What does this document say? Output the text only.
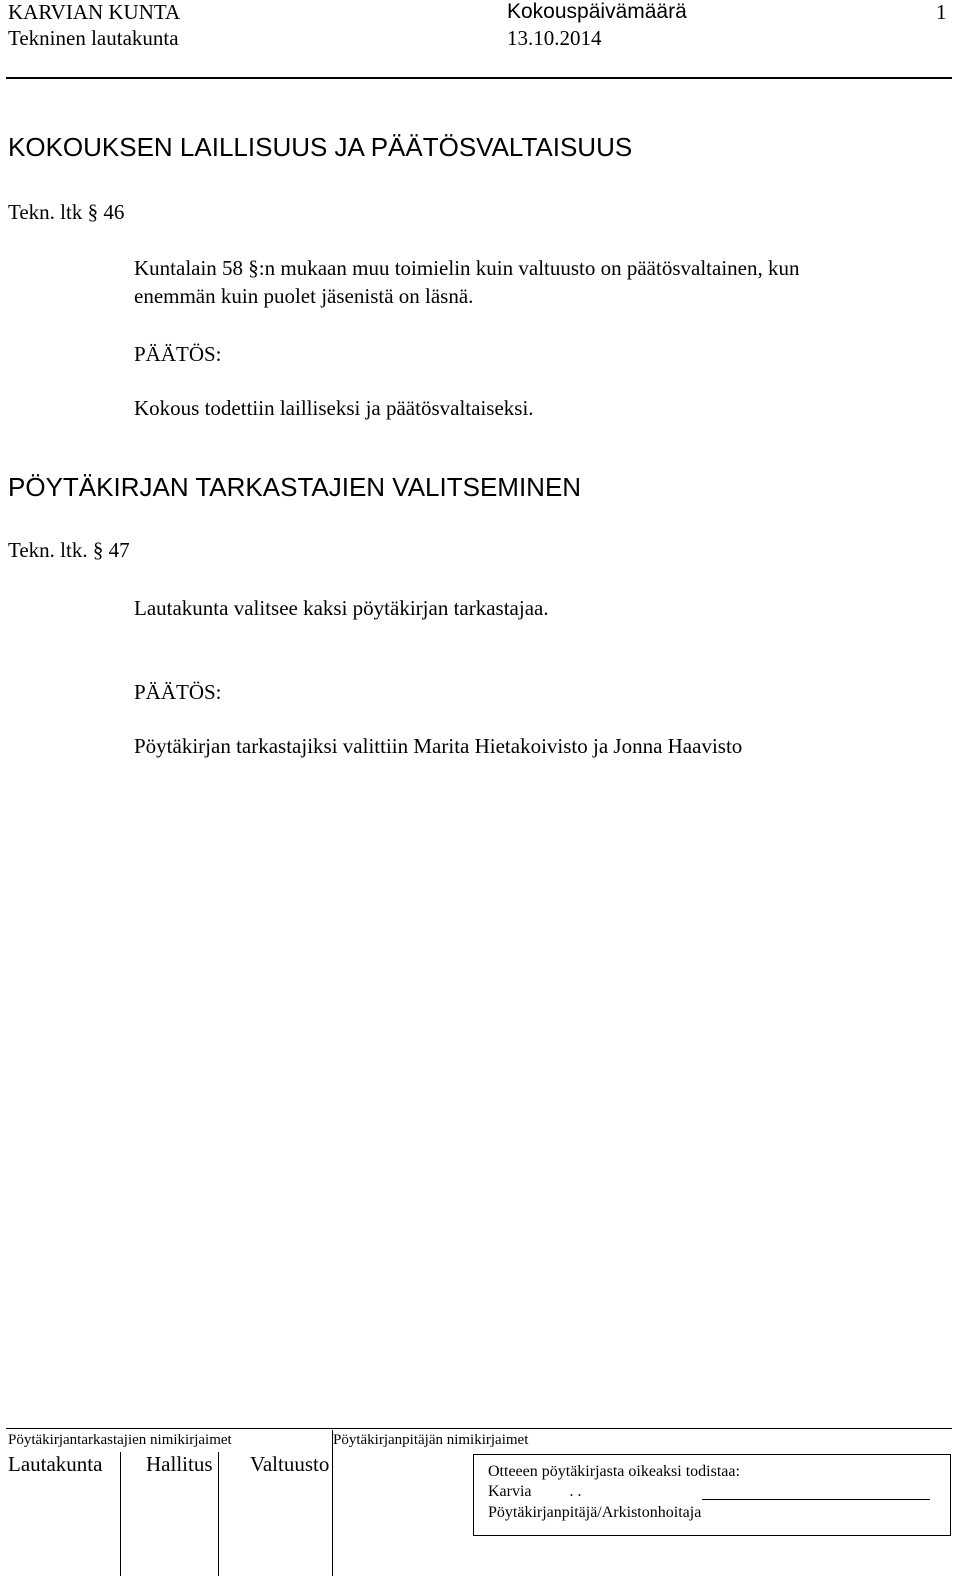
KARVIAN KUNTA
Tekninen lautakunta
Kokouspäivämäärä
13.10.2014
1
KOKOUKSEN LAILLISUUS JA PÄÄTÖSVALTAISUUS
Tekn. ltk § 46
Kuntalain 58 §:n mukaan muu toimielin kuin valtuusto on päätösvaltainen, kun
enemmän kuin puolet jäsenistä on läsnä.
PÄÄTÖS:
Kokous todettiin lailliseksi ja päätösvaltaiseksi.
PÖYTÄKIRJAN TARKASTAJIEN VALITSEMINEN
Tekn. ltk. § 47
Lautakunta valitsee kaksi pöytäkirjan tarkastajaa.
PÄÄTÖS:
Pöytäkirjan tarkastajiksi valittiin Marita Hietakoivisto ja Jonna Haavisto
Pöytäkirjantarkastajien nimikirjaimet	Pöytäkirjanpitäjän nimikirjaimet
Lautakunta Hallitus Valtuusto	Otteeen pöytäkirjasta oikeaksi todistaa:
Karvia . .
Pöytäkirjanpitäjä/Arkistonhoitaja
